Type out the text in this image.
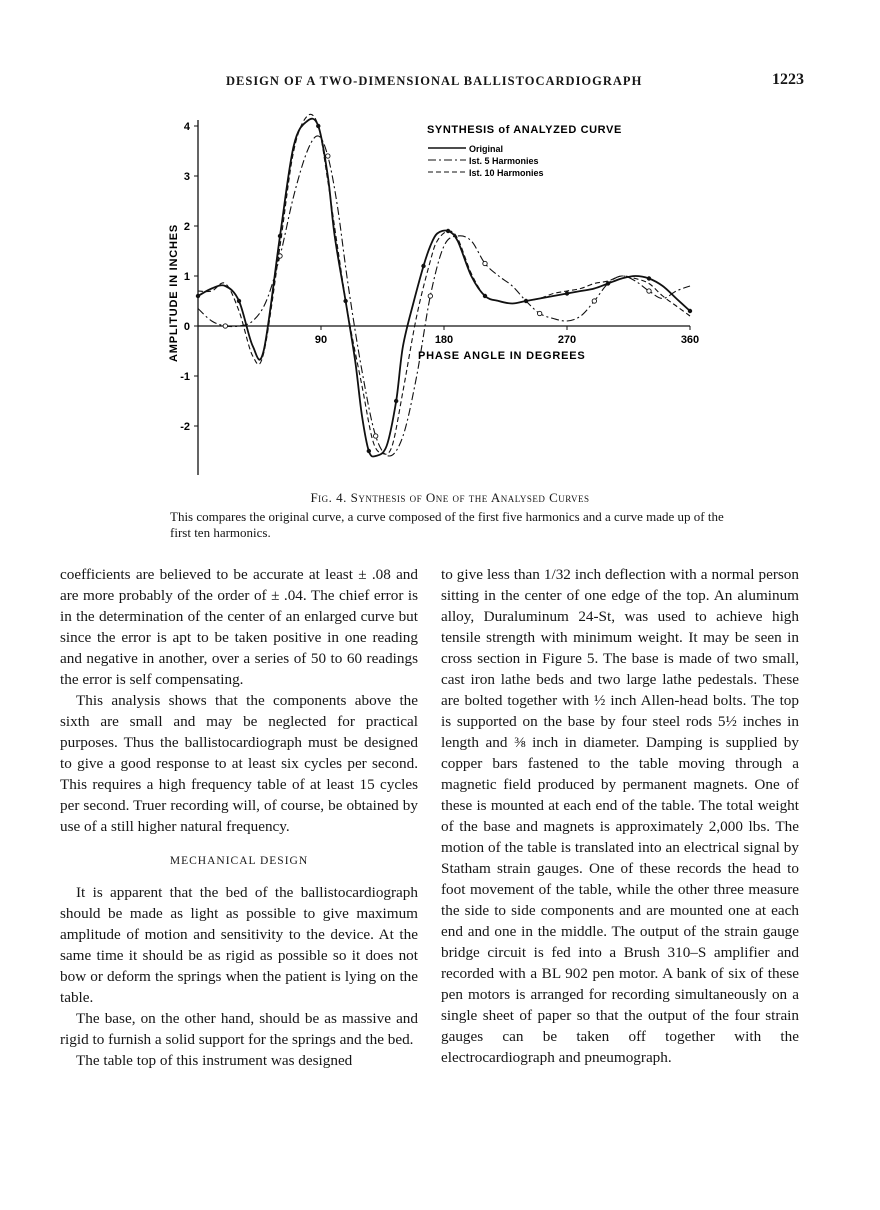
DESIGN OF A TWO-DIMENSIONAL BALLISTOCARDIOGRAPH	1223
4
3
2
1
0
-1
-2
90	180	270	360
Original
Ist. 5 Harmonies
Ist. 10 Harmonies
SYNTHESIS of ANALYZED CURVE
PHASE ANGLE IN DEGREES
AMPLITUDE IN INCHES
Fig. 4. Synthesis of One of the Analysed Curves
This compares the original curve, a curve composed of the first five harmonics and a curve made up of the first ten harmonics.

coefficients are believed to be accurate at least ± .08 and are more probably of the order of ± .04. The chief error is in the determination of the center of an enlarged curve but since the error is apt to be taken positive in one reading and negative in another, over a series of 50 to 60 readings the error is self compensating.

This analysis shows that the components above the sixth are small and may be neglected for practical purposes. Thus the ballistocardiograph must be designed to give a good response to at least six cycles per second. This requires a high frequency table of at least 15 cycles per second. Truer recording will, of course, be obtained by use of a still higher natural frequency.

MECHANICAL DESIGN

It is apparent that the bed of the ballistocardiograph should be made as light as possible to give maximum amplitude of motion and sensitivity to the device. At the same time it should be as rigid as possible so it does not bow or deform the springs when the patient is lying on the table.

The base, on the other hand, should be as massive and rigid to furnish a solid support for the springs and the bed.

The table top of this instrument was designed

to give less than 1/32 inch deflection with a normal person sitting in the center of one edge of the top. An aluminum alloy, Duraluminum 24-St, was used to achieve high tensile strength with minimum weight. It may be seen in cross section in Figure 5. The base is made of two small, cast iron lathe beds and two large lathe pedestals. These are bolted together with ½ inch Allen-head bolts. The top is supported on the base by four steel rods 5½ inches in length and ⅜ inch in diameter. Damping is supplied by copper bars fastened to the table moving through a magnetic field produced by permanent magnets. One of these is mounted at each end of the table. The total weight of the base and magnets is approximately 2,000 lbs. The motion of the table is translated into an electrical signal by Statham strain gauges. One of these records the head to foot movement of the table, while the other three measure the side to side components and are mounted one at each end and one in the middle. The output of the strain gauge bridge circuit is fed into a Brush 310–S amplifier and recorded with a BL 902 pen motor. A bank of six of these pen motors is arranged for recording simultaneously on a single sheet of paper so that the output of the four strain gauges can be taken off together with the electrocardiograph and pneumograph.
